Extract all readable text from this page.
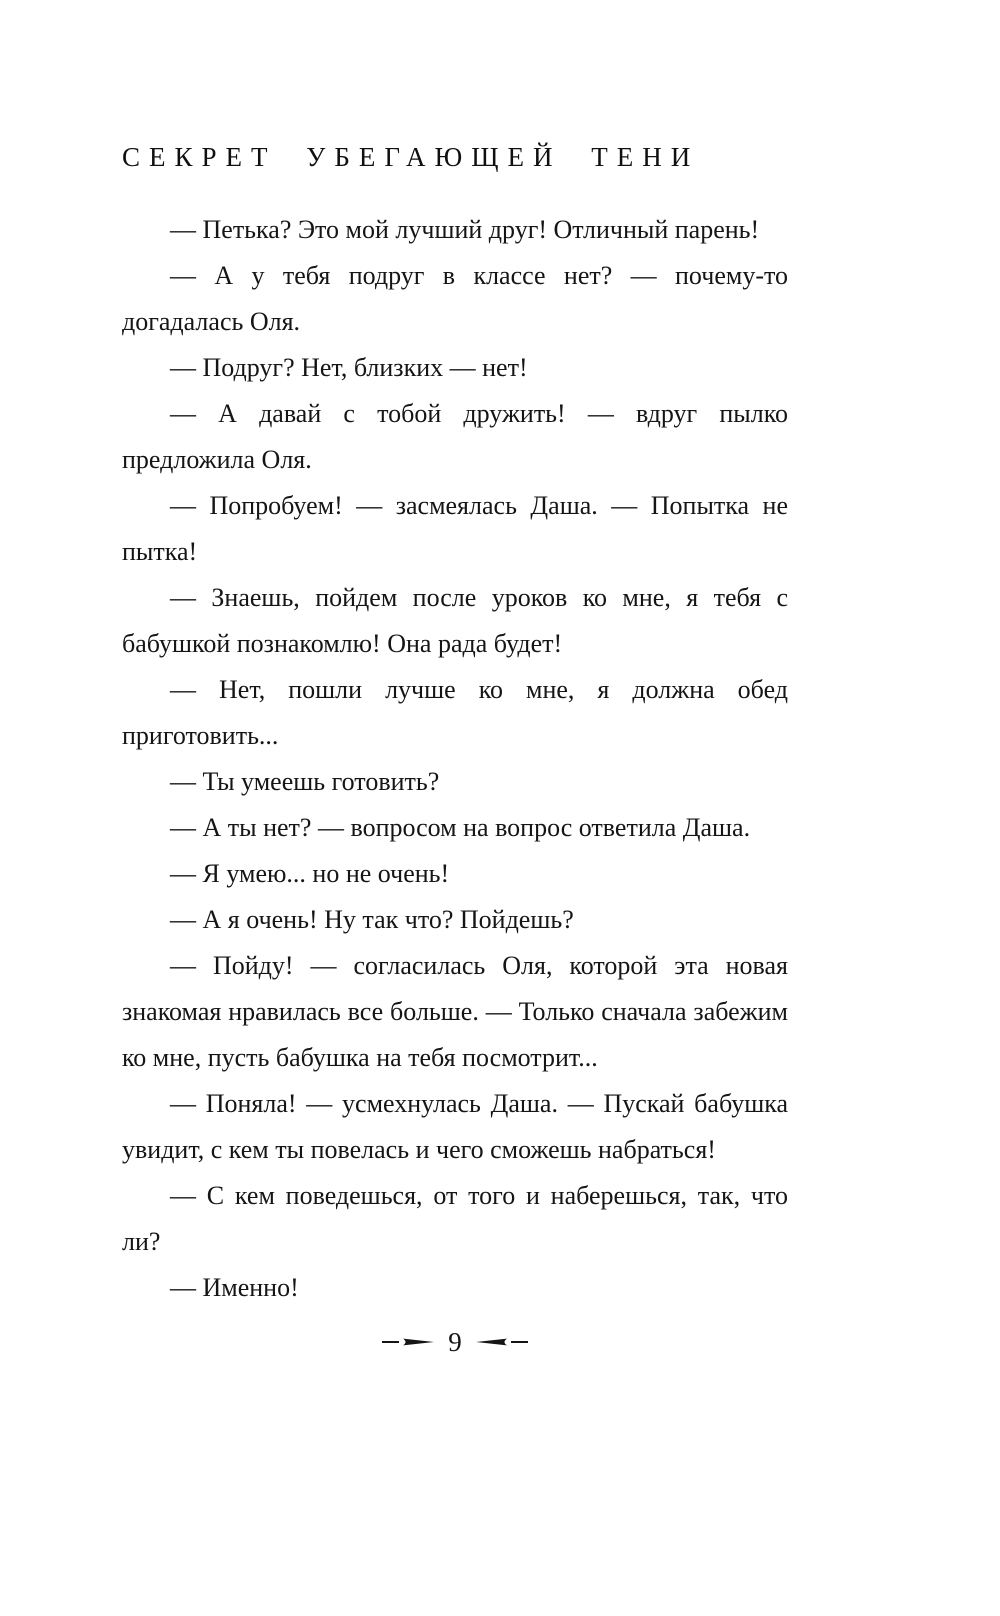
СЕКРЕТ УБЕГАЮЩЕЙ ТЕНИ

— Петька? Это мой лучший друг! Отличный парень!

— А у тебя подруг в классе нет? — почему-то догадалась Оля.

— Подруг? Нет, близких — нет!

— А давай с тобой дружить! — вдруг пылко предложила Оля.

— Попробуем! — засмеялась Даша. — Попытка не пытка!

— Знаешь, пойдем после уроков ко мне, я тебя с бабушкой познакомлю! Она рада будет!

— Нет, пошли лучше ко мне, я должна обед приготовить...

— Ты умеешь готовить?

— А ты нет? — вопросом на вопрос ответила Даша.

— Я умею... но не очень!

— А я очень! Ну так что? Пойдешь?

— Пойду! — согласилась Оля, которой эта новая знакомая нравилась все больше. — Только сначала забежим ко мне, пусть бабушка на тебя посмотрит...

— Поняла! — усмехнулась Даша. — Пускай бабушка увидит, с кем ты повелась и чего сможешь набраться!

— С кем поведешься, от того и наберешься, так, что ли?

— Именно!

9
